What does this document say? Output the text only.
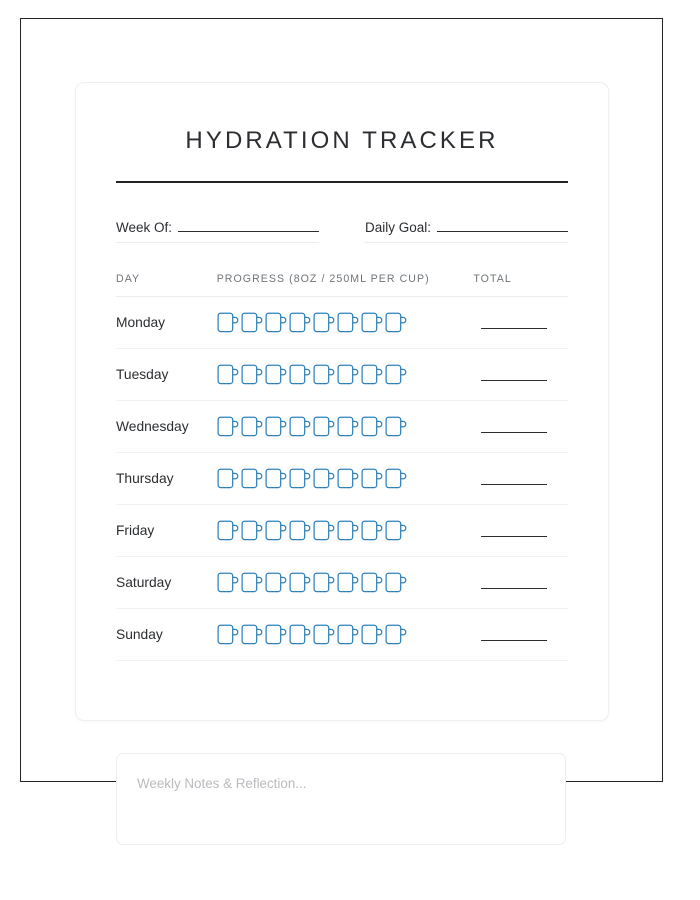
HYDRATION TRACKER
Week Of:	Daily Goal:
DAY	PROGRESS (8OZ / 250ML PER CUP)	TOTAL
Monday	

Tuesday	

Wednesday	

Thursday	

Friday	

Saturday	

Sunday	

Weekly Notes & Reflection...
